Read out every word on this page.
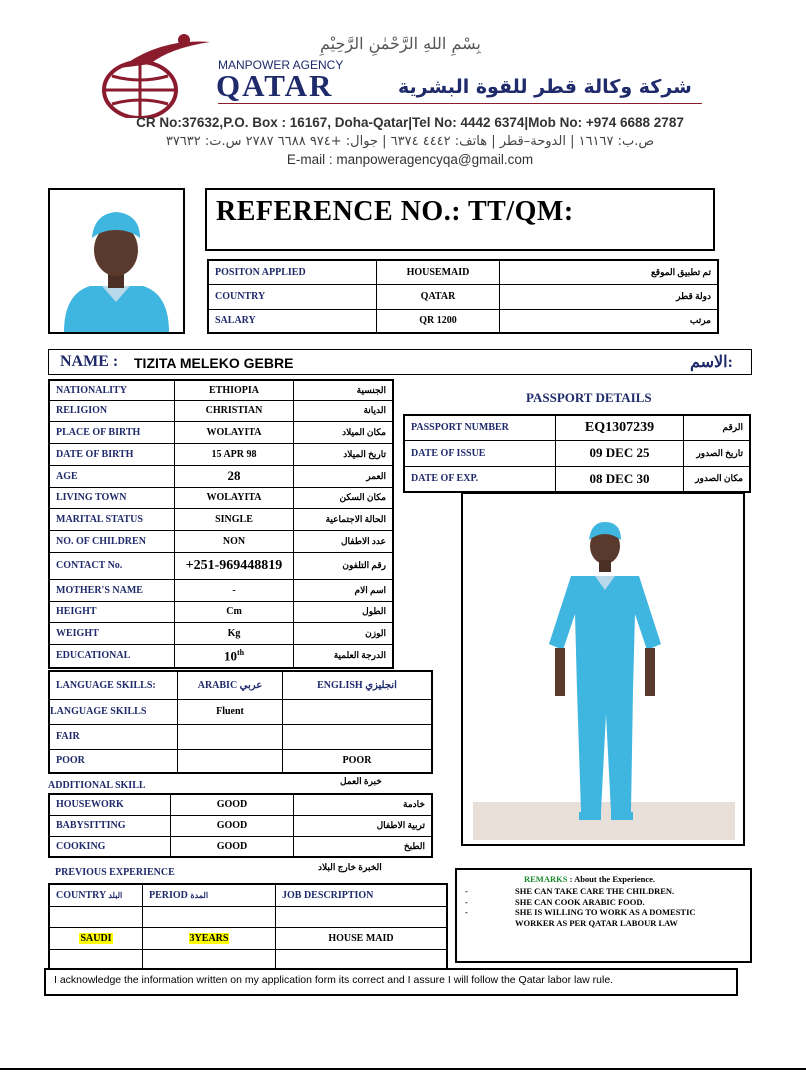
بِسْمِ اللهِ الرَّحْمٰنِ الرَّحِيْمِ
MANPOWER AGENCY
QATAR	شركة وكالة قطر للقوة البشرية
CR No:37632,P.O. Box : 16167, Doha-Qatar|Tel No: 4442 6374|Mob No: +974 6688 2787
ص.ب: ١٦١٦٧ | الدوحة–قطر | هاتف: ٤٤٤٢ ٦٣٧٤ | جوال: +٩٧٤ ٦٦٨٨ ٢٧٨٧ س.ت: ٣٧٦٣٢
E-mail : manpoweragencyqa@gmail.com
REFERENCE NO.: TT/QM:
POSITON APPLIED	HOUSEMAID	تم تطبيق الموقع
COUNTRY	QATAR	دولة قطر
SALARY	QR 1200	مرتب
NAME : TIZITA MELEKO GEBRE	الاسم:
NATIONALITY	ETHIOPIA	الجنسية
RELIGION	CHRISTIAN	الديانة
PLACE OF BIRTH	WOLAYITA	مكان الميلاد
DATE OF BIRTH	15 APR 98	تاريخ الميلاد
AGE	28	العمر
LIVING TOWN	WOLAYITA	مكان السكن
MARITAL STATUS	SINGLE	الحالة الاجتماعية
NO. OF CHILDREN	NON	عدد الاطفال
CONTACT No.	+251-969448819	رقم التلفون
MOTHER'S NAME	-	اسم الام
HEIGHT	Cm	الطول
WEIGHT	Kg	الوزن
EDUCATIONAL	10th	الدرجة العلمية
PASSPORT DETAILS
PASSPORT NUMBER	EQ1307239	الرقم
DATE OF ISSUE	09 DEC 25	تاريخ الصدور
DATE OF EXP.	08 DEC 30	مكان الصدور
LANGUAGE SKILLS:	ARABIC عربي	ENGLISH انجليزي
LANGUAGE SKILLS	Fluent	
FAIR		
POOR		POOR
ADDITIONAL SKILL	خبرة العمل
HOUSEWORK	GOOD	خادمة
BABYSITTING	GOOD	تربية الاطفال
COOKING	GOOD	الطبخ
PREVIOUS EXPERIENCE	الخبرة خارج البلاد
COUNTRY البلد	PERIOD المدة	JOB DESCRIPTION

SAUDI	3YEARS	HOUSE MAID

REMARKS : About the Experience.
-	SHE CAN TAKE CARE THE CHILDREN.
-	SHE CAN COOK ARABIC FOOD.
-	SHE IS WILLING TO WORK AS A DOMESTIC WORKER AS PER QATAR LABOUR LAW
I acknowledge the information written on my application form its correct and I assure I will follow the Qatar labor law rule.
